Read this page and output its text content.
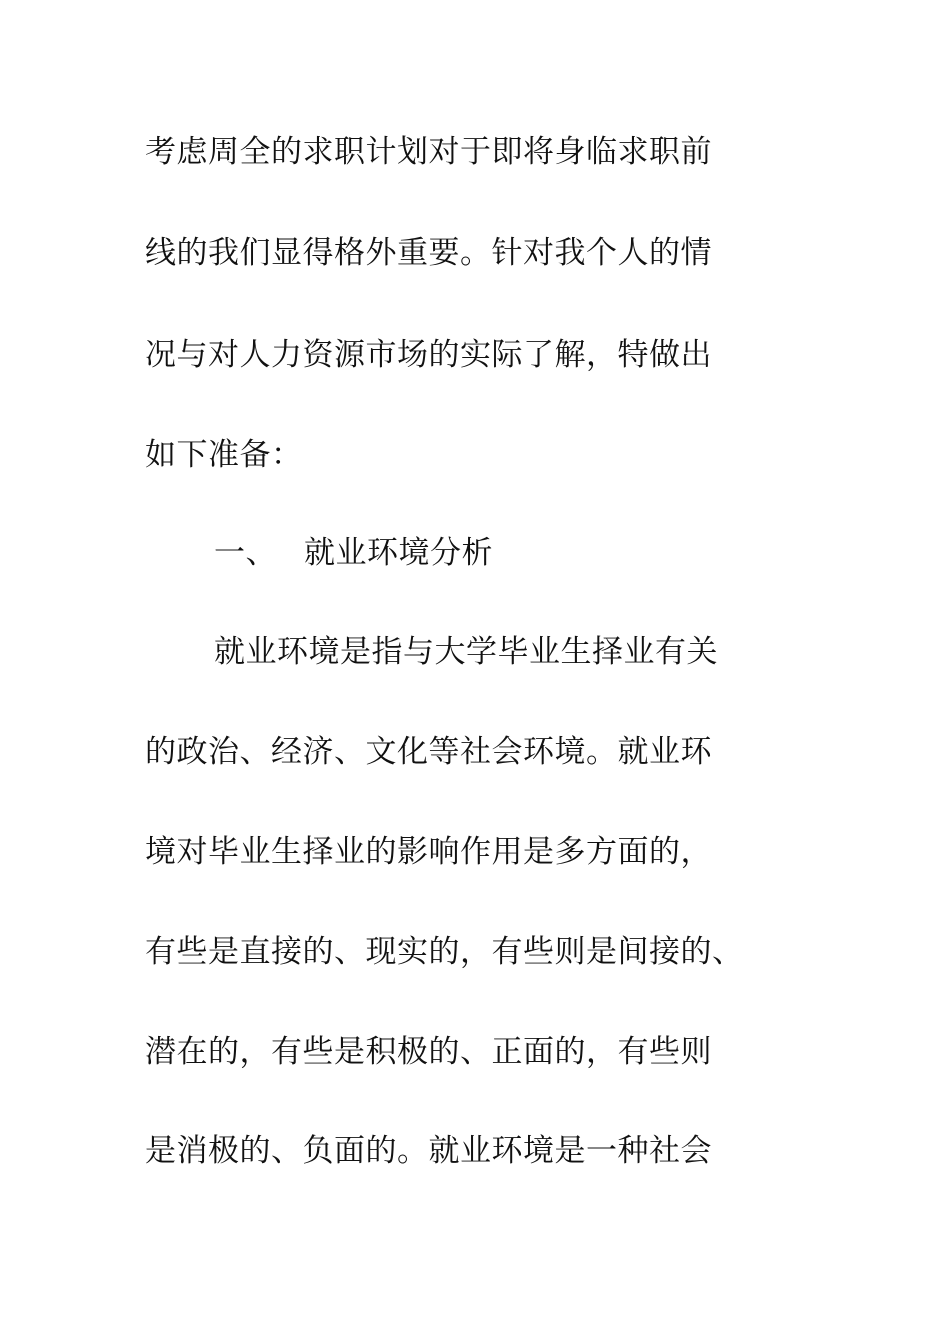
考虑周全的求职计划对于即将身临求职前
线的我们显得格外重要。针对我个人的情
况与对人力资源市场的实际了解，特做出
如下准备：
一、 就业环境分析
就业环境是指与大学毕业生择业有关
的政治、经济、文化等社会环境。就业环
境对毕业生择业的影响作用是多方面的，
有些是直接的、现实的，有些则是间接的、
潜在的，有些是积极的、正面的，有些则
是消极的、负面的。就业环境是一种社会
